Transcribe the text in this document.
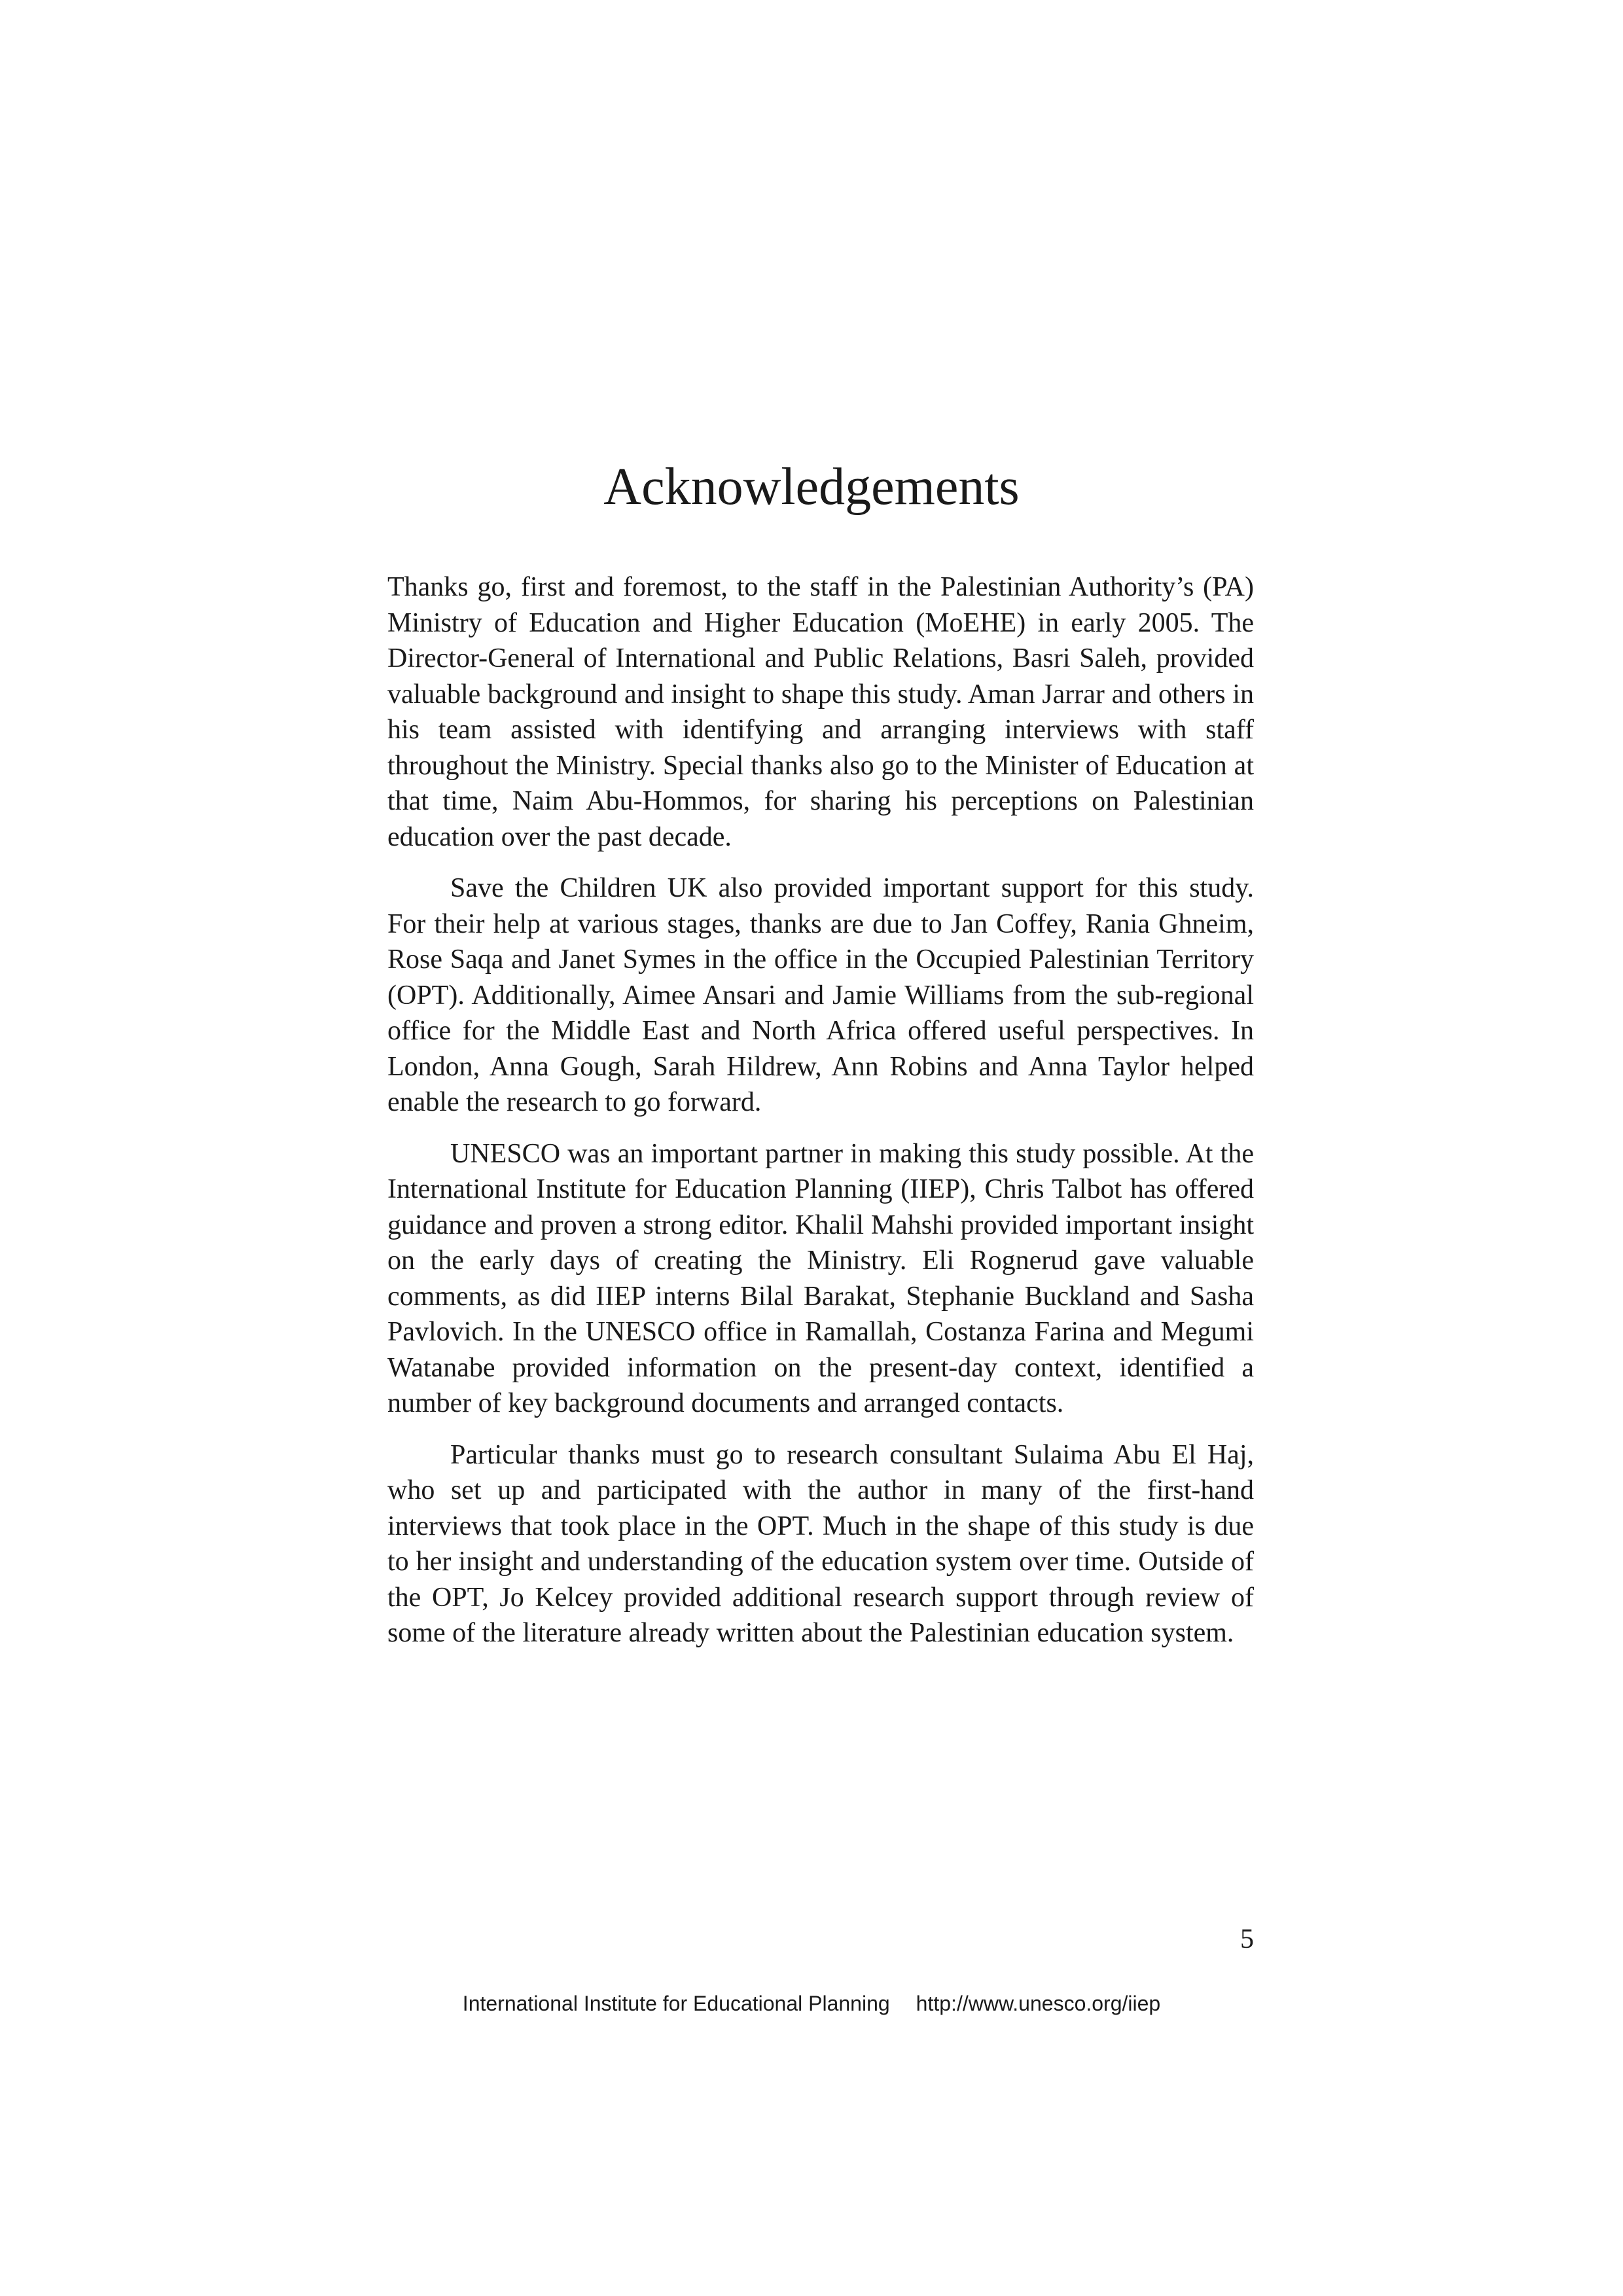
Acknowledgements

Thanks go, first and foremost, to the staff in the Palestinian Authority’s (PA) Ministry of Education and Higher Education (MoEHE) in early 2005. The Director-General of International and Public Relations, Basri Saleh, provided valuable background and insight to shape this study. Aman Jarrar and others in his team assisted with identifying and arranging interviews with staff throughout the Ministry. Special thanks also go to the Minister of Education at that time, Naim Abu-Hommos, for sharing his perceptions on Palestinian education over the past decade.

Save the Children UK also provided important support for this study. For their help at various stages, thanks are due to Jan Coffey, Rania Ghneim, Rose Saqa and Janet Symes in the office in the Occupied Palestinian Territory (OPT). Additionally, Aimee Ansari and Jamie Williams from the sub-regional office for the Middle East and North Africa offered useful perspectives. In London, Anna Gough, Sarah Hildrew, Ann Robins and Anna Taylor helped enable the research to go forward.

UNESCO was an important partner in making this study possible. At the International Institute for Education Planning (IIEP), Chris Talbot has offered guidance and proven a strong editor. Khalil Mahshi provided important insight on the early days of creating the Ministry. Eli Rognerud gave valuable comments, as did IIEP interns Bilal Barakat, Stephanie Buckland and Sasha Pavlovich. In the UNESCO office in Ramallah, Costanza Farina and Megumi Watanabe provided information on the present-day context, identified a number of key background documents and arranged contacts.

Particular thanks must go to research consultant Sulaima Abu El Haj, who set up and participated with the author in many of the first-hand interviews that took place in the OPT. Much in the shape of this study is due to her insight and understanding of the education system over time. Outside of the OPT, Jo Kelcey provided additional research support through review of some of the literature already written about the Palestinian education system.

5
International Institute for Educational Planning http://www.unesco.org/iiep
